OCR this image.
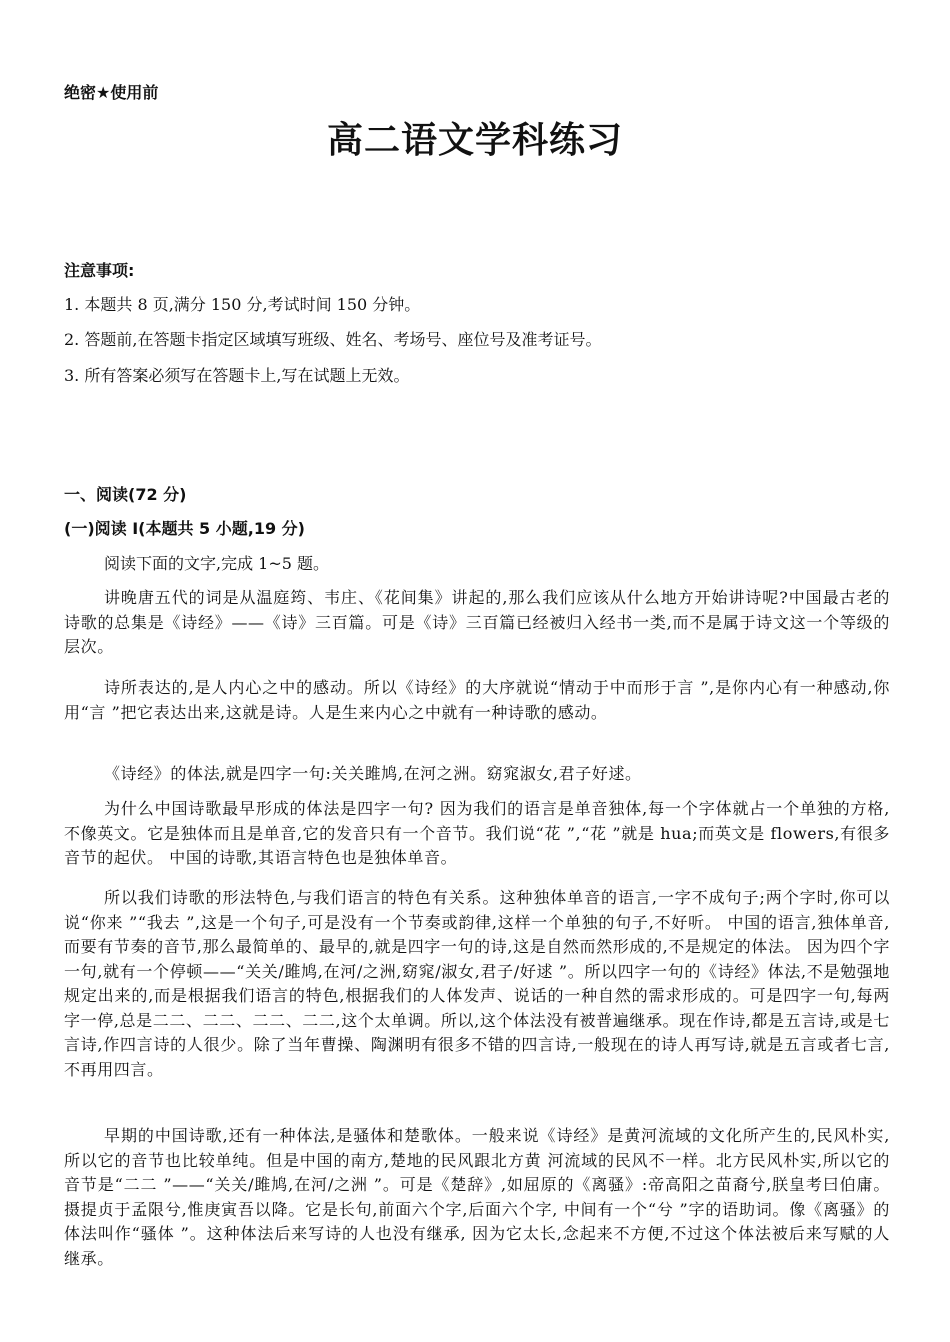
绝密★使用前
高二语文学科练习
注意事项:
1. 本题共 8 页,满分 150 分,考试时间 150 分钟。
2. 答题前,在答题卡指定区域填写班级、姓名、考场号、座位号及准考证号。
3. 所有答案必须写在答题卡上,写在试题上无效。
一、阅读(72 分)
(一)阅读 Ⅰ(本题共 5 小题,19 分)
阅读下面的文字,完成 1~5 题。

讲晚唐五代的词是从温庭筠、韦庄、《花间集》讲起的,那么我们应该从什么地方开始讲诗呢?中国最古老的诗歌的总集是《诗经》——《诗》三百篇。可是《诗》三百篇已经被归入经书一类,而不是属于诗文这一个等级的层次。

诗所表达的,是人内心之中的感动。所以《诗经》的大序就说“情动于中而形于言 ”,是你内心有一种感动,你用“言 ”把它表达出来,这就是诗。人是生来内心之中就有一种诗歌的感动。

《诗经》的体法,就是四字一句:关关雎鸠,在河之洲。窈窕淑女,君子好逑。

为什么中国诗歌最早形成的体法是四字一句? 因为我们的语言是单音独体,每一个字体就占一个单独的方格,不像英文。它是独体而且是单音,它的发音只有一个音节。我们说“花 ”,“花 ”就是 hua;而英文是 flowers,有很多音节的起伏。 中国的诗歌,其语言特色也是独体单音。

所以我们诗歌的形法特色,与我们语言的特色有关系。这种独体单音的语言,一字不成句子;两个字时,你可以说“你来 ”“我去 ”,这是一个句子,可是没有一个节奏或韵律,这样一个单独的句子,不好听。 中国的语言,独体单音,而要有节奏的音节,那么最简单的、最早的,就是四字一句的诗,这是自然而然形成的,不是规定的体法。 因为四个字一句,就有一个停顿——“关关/雎鸠,在河/之洲,窈窕/淑女,君子/好逑 ”。所以四字一句的《诗经》体法,不是勉强地规定出来的,而是根据我们语言的特色,根据我们的人体发声、说话的一种自然的需求形成的。可是四字一句,每两字一停,总是二二、二二、二二、二二,这个太单调。所以,这个体法没有被普遍继承。现在作诗,都是五言诗,或是七言诗,作四言诗的人很少。除了当年曹操、陶渊明有很多不错的四言诗,一般现在的诗人再写诗,就是五言或者七言,不再用四言。

早期的中国诗歌,还有一种体法,是骚体和楚歌体。一般来说《诗经》是黄河流域的文化所产生的,民风朴实,所以它的音节也比较单纯。但是中国的南方,楚地的民风跟北方黄 河流域的民风不一样。北方民风朴实,所以它的音节是“二二 ”——“关关/雎鸠,在河/之洲 ”。可是《楚辞》,如屈原的《离骚》:帝高阳之苗裔兮,朕皇考曰伯庸。摄提贞于孟限兮,惟庚寅吾以降。它是长句,前面六个字,后面六个字, 中间有一个“兮 ”字的语助词。像《离骚》的体法叫作“骚体 ”。这种体法后来写诗的人也没有继承, 因为它太长,念起来不方便,不过这个体法被后来写赋的人继承。
